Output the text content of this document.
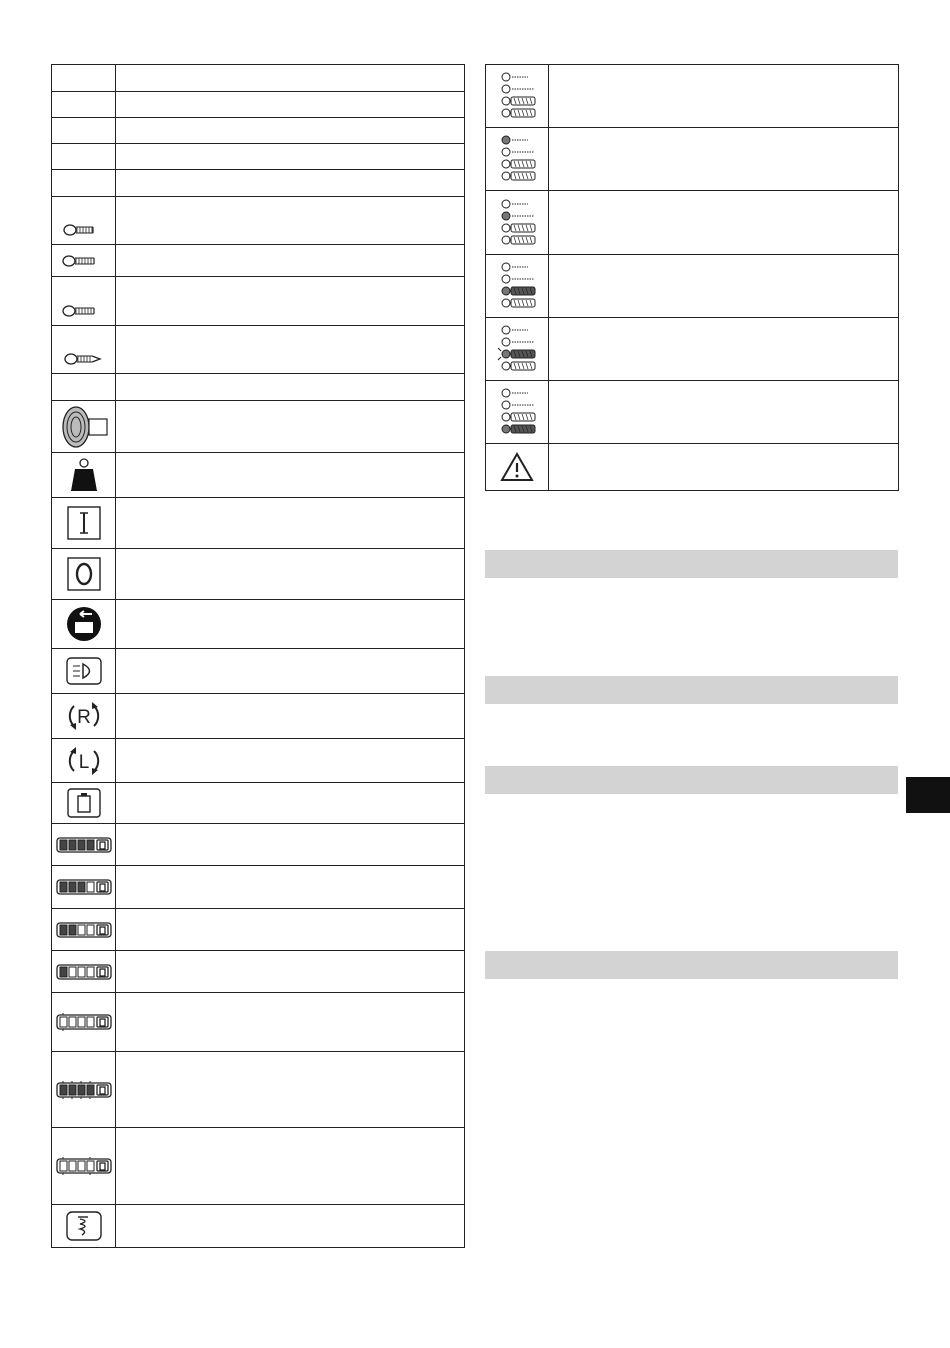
R
L
